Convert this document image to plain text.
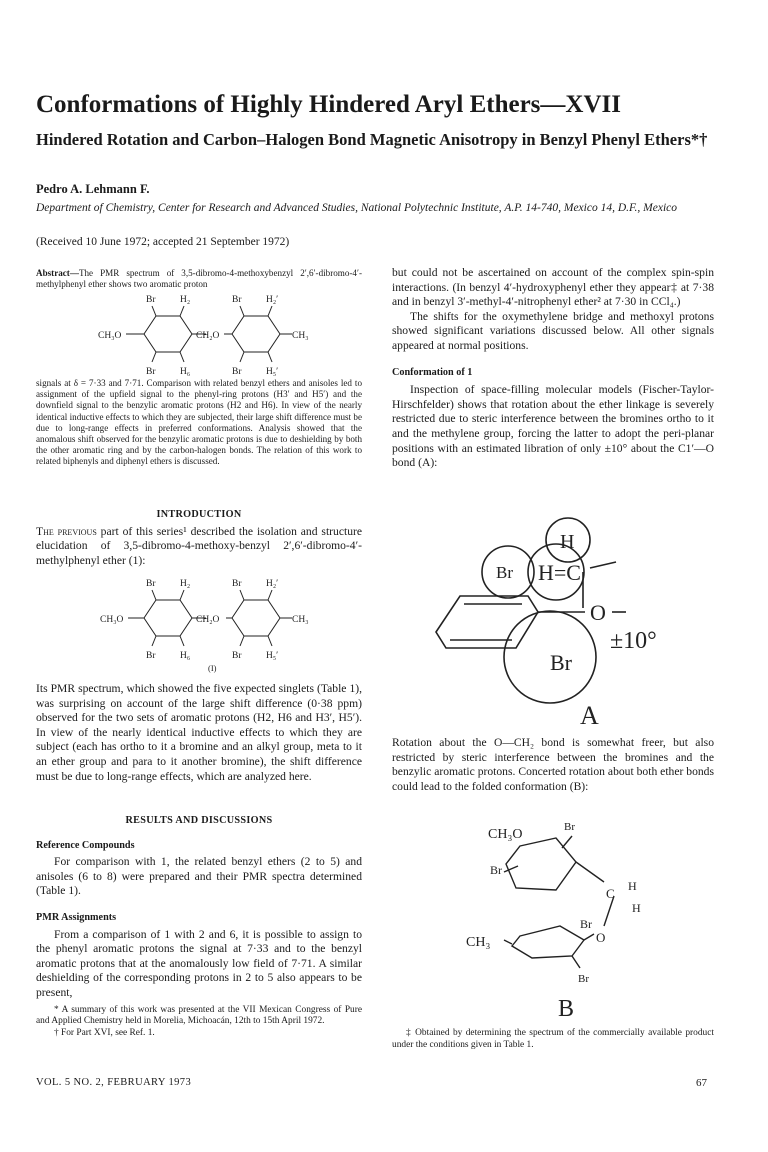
Conformations of Highly Hindered Aryl Ethers—XVII
Hindered Rotation and Carbon–Halogen Bond Magnetic Anisotropy in Benzyl Phenyl Ethers*†
Pedro A. Lehmann F.
Department of Chemistry, Center for Research and Advanced Studies, National Polytechnic Institute, A.P. 14-740, Mexico 14, D.F., Mexico
(Received 10 June 1972; accepted 21 September 1972)

Abstract—The PMR spectrum of 3,5-dibromo-4-methoxybenzyl 2′,6′-dibromo-4′-methylphenyl ether shows two aromatic proton

Br	H₂	Br	H₂′
CH₃O	CH₂O	CH₃
Br	H₆	Br	H₅′

signals at δ = 7·33 and 7·71. Comparison with related benzyl ethers and anisoles led to assignment of the upfield signal to the phenyl-ring protons (H3′ and H5′) and the downfield signal to the benzylic aromatic protons (H2 and H6). In view of the nearly identical inductive effects to which they are subjected, their large shift difference must be due to long-range effects in preferred conformations. Analysis showed that the anomalous shift observed for the benzylic aromatic protons is due to deshielding by both the other aromatic ring and by the carbon-halogen bonds. The relation of this work to related biphenyls and diphenyl ethers is discussed.

INTRODUCTION

The previous part of this series¹ described the isolation and structure elucidation of 3,5-dibromo-4-methoxy-benzyl 2′,6′-dibromo-4′-methylphenyl ether (1):

Br	H₂	Br	H₂′
CH₃O	CH₂O	CH₃
Br	H₆	Br	H₅′
(I)

Its PMR spectrum, which showed the five expected singlets (Table 1), was surprising on account of the large shift difference (0·38 ppm) observed for the two sets of aromatic protons (H2, H6 and H3′, H5′). In view of the nearly identical inductive effects to which they are subject (each has ortho to it a bromine and an alkyl group, meta to it an ether group and para to it another bromine), the shift difference must be due to long-range effects, which are analyzed here.

RESULTS AND DISCUSSIONS
Reference Compounds

For comparison with 1, the related benzyl ethers (2 to 5) and anisoles (6 to 8) were prepared and their PMR spectra determined (Table 1).

PMR Assignments

From a comparison of 1 with 2 and 6, it is possible to assign to the phenyl aromatic protons the signal at 7·33 and to the benzyl aromatic protons that at the anomalously low field of 7·71. A similar deshielding of the corresponding protons in 2 to 5 also appears to be present,

* A summary of this work was presented at the VII Mexican Congress of Pure and Applied Chemistry held in Morelia, Michoacán, 12th to 15th April 1972.

† For Part XVI, see Ref. 1.

but could not be ascertained on account of the complex spin-spin interactions. (In benzyl 4′-hydroxyphenyl ether they appear‡ at 7·38 and in benzyl 3′-methyl-4′-nitrophenyl ether² at 7·30 in CCl₄.)

The shifts for the oxymethylene bridge and methoxyl protons showed significant variations discussed below. All other signals appeared at normal positions.

Conformation of 1

Inspection of space-filling molecular models (Fischer-Taylor-Hirschfelder) shows that rotation about the ether linkage is severely restricted due to steric interference between the bromines ortho to it and the methylene group, forcing the latter to adopt the peri-planar positions with an estimated libration of only ±10° about the C1′—O bond (A):

H
Br H=C
O
Br
±10°
A

Rotation about the O—CH₂ bond is somewhat freer, but also restricted by steric interference between the bromines and the benzylic aromatic protons. Concerted rotation about both ether bonds could lead to the folded conformation (B):

CH₃O	Br
Br
C H
H
Br
O
CH₃
Br
B
‡ Obtained by determining the spectrum of the commercially available product under the conditions given in Table 1.
VOL. 5 NO. 2, FEBRUARY 1973	67
